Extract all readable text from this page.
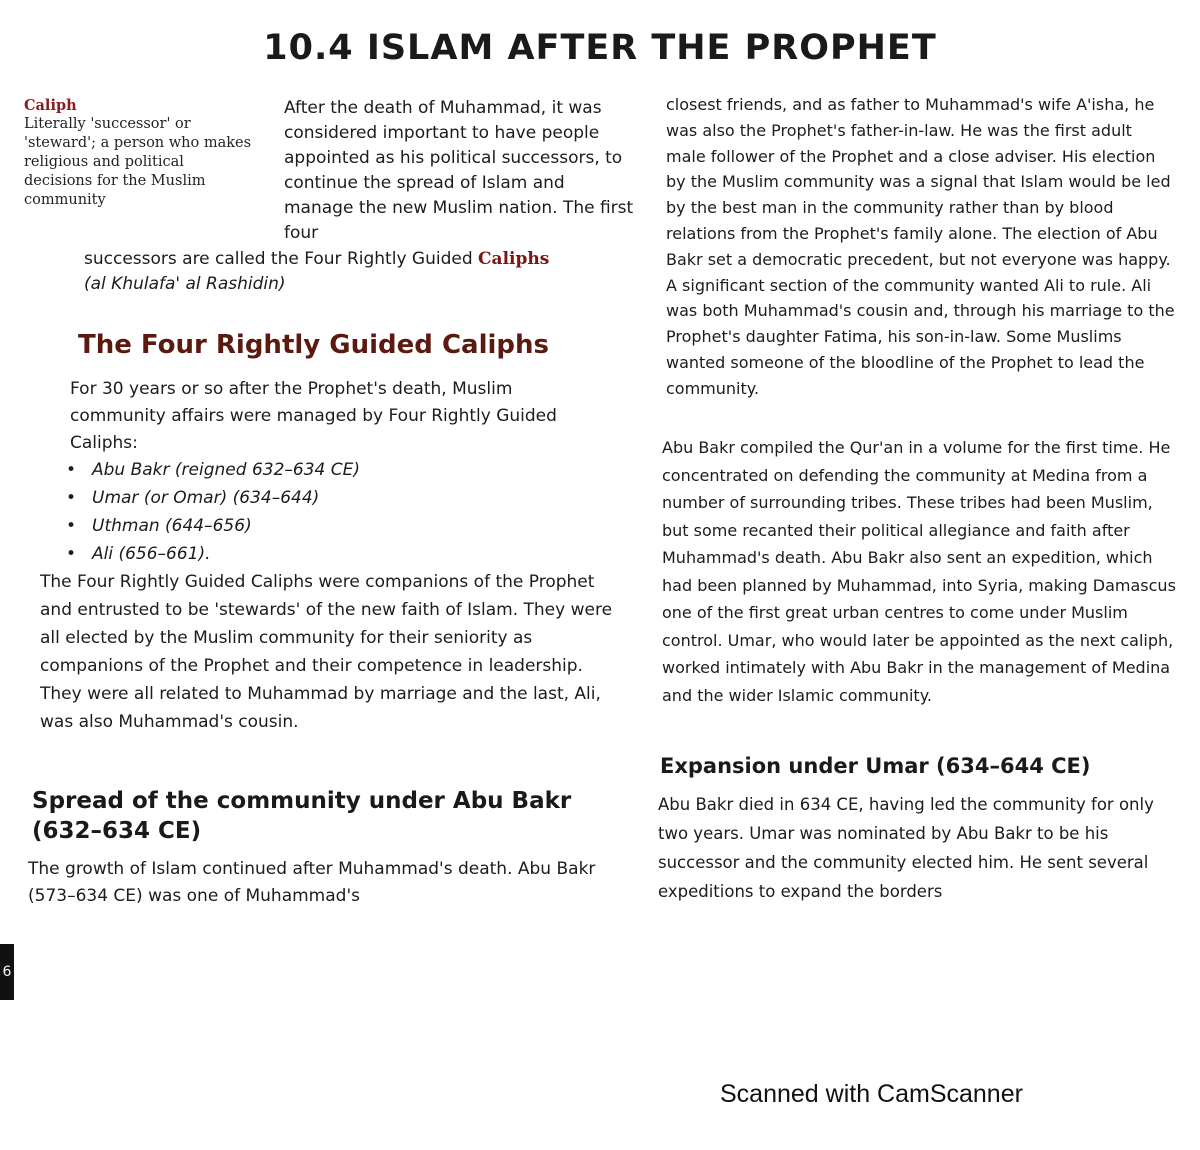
10.4 ISLAM AFTER THE PROPHET
Caliph
Literally 'successor' or 'steward'; a person who makes religious and political decisions for the Muslim community

After the death of Muhammad, it was considered important to have people appointed as his political successors, to continue the spread of Islam and manage the new Muslim nation. The first four

successors are called the Four Rightly Guided Caliphs
(al Khulafa' al Rashidin)

The Four Rightly Guided Caliphs

For 30 years or so after the Prophet's death, Muslim community affairs were managed by Four Rightly Guided Caliphs:

• Abu Bakr (reigned 632–634 CE)
• Umar (or Omar) (634–644)
• Uthman (644–656)
• Ali (656–661).

The Four Rightly Guided Caliphs were companions of the Prophet and entrusted to be 'stewards' of the new faith of Islam. They were all elected by the Muslim community for their seniority as companions of the Prophet and their competence in leadership. They were all related to Muhammad by marriage and the last, Ali, was also Muhammad's cousin.

Spread of the community under Abu Bakr (632–634 CE)

The growth of Islam continued after Muhammad's death. Abu Bakr (573–634 CE) was one of Muhammad's

closest friends, and as father to Muhammad's wife A'isha, he was also the Prophet's father-in-law. He was the first adult male follower of the Prophet and a close adviser. His election by the Muslim community was a signal that Islam would be led by the best man in the community rather than by blood relations from the Prophet's family alone. The election of Abu Bakr set a democratic precedent, but not everyone was happy. A significant section of the community wanted Ali to rule. Ali was both Muhammad's cousin and, through his marriage to the Prophet's daughter Fatima, his son-in-law. Some Muslims wanted someone of the bloodline of the Prophet to lead the community.

Abu Bakr compiled the Qur'an in a volume for the first time. He concentrated on defending the community at Medina from a number of surrounding tribes. These tribes had been Muslim, but some recanted their political allegiance and faith after Muhammad's death. Abu Bakr also sent an expedition, which had been planned by Muhammad, into Syria, making Damascus one of the first great urban centres to come under Muslim control. Umar, who would later be appointed as the next caliph, worked intimately with Abu Bakr in the management of Medina and the wider Islamic community.

Expansion under Umar (634–644 CE)

Abu Bakr died in 634 CE, having led the community for only two years. Umar was nominated by Abu Bakr to be his successor and the community elected him. He sent several expeditions to expand the borders

6
Scanned with CamScanner
